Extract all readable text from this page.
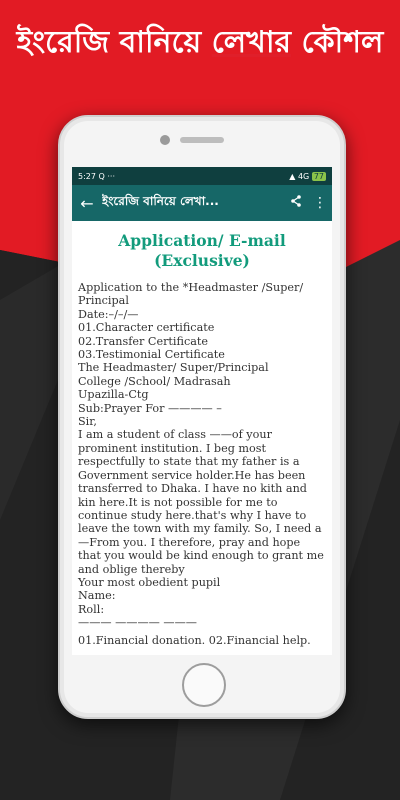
ইংরেজি বানিয়ে লেখার কৌশল
5:27
Q
···	▲
4G
77
← ইংরেজি বানিয়ে লেখা...	⋮
Application/ E-mail
(Exclusive)
Application to the *Headmaster /Super/
Principal
Date:–/–/—
01.Character certificate
02.Transfer Certificate
03.Testimonial Certificate
The Headmaster/ Super/Principal
College /School/ Madrasah
Upazilla-Ctg
Sub:Prayer For ———— –
Sir,
I am a student of class ——of your prominent institution. I beg most respectfully to state that my father is a Government service holder.He has been transferred to Dhaka. I have no kith and kin here.It is not possible for me to continue study here.that's why I have to leave the town with my family. So, I need a —From you. I therefore, pray and hope that you would be kind enough to grant me and oblige thereby
Your most obedient pupil
Name:
Roll:
——— ———— ———
01.Financial donation. 02.Financial help.
